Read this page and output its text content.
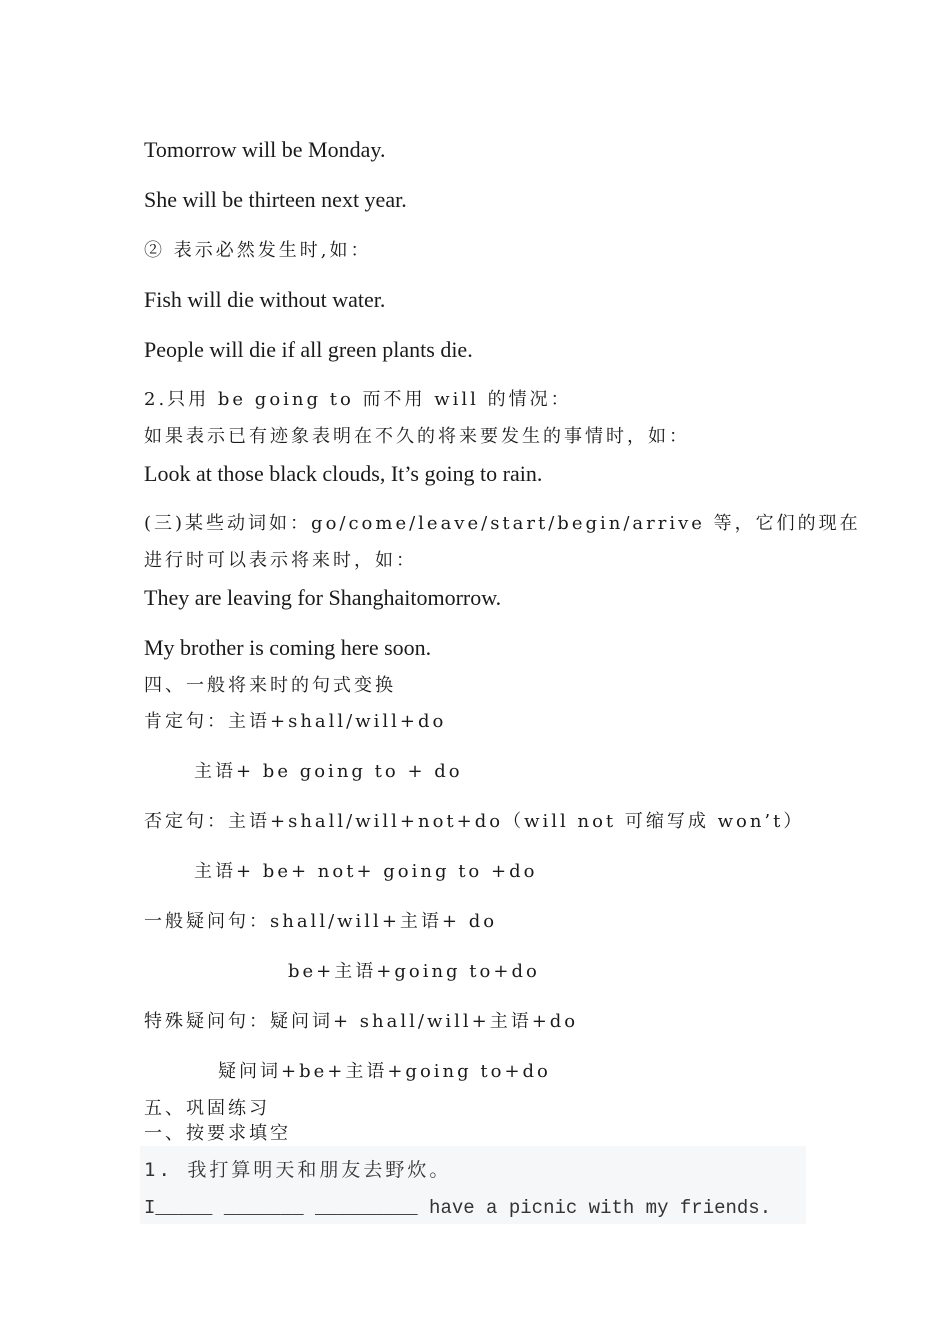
Tomorrow will be Monday.
She will be thirteen next year.
② 表示必然发生时,如：
Fish will die without water.
People will die if all green plants die.
2.只用 be going to 而不用 will 的情况：
如果表示已有迹象表明在不久的将来要发生的事情时，如：
Look at those black clouds, It’s going to rain.
(三)某些动词如：go/come/leave/start/begin/arrive 等，它们的现在
进行时可以表示将来时，如：
They are leaving for Shanghaitomorrow.
My brother is coming here soon.
四、一般将来时的句式变换
肯定句：主语+shall/will+do
主语+ be going to + do
否定句：主语+shall/will+not+do（will not 可缩写成 won’t）
主语+ be+ not+ going to +do
一般疑问句：shall/will+主语+ do
be+主语+going to+do
特殊疑问句：疑问词+ shall/will+主语+do
疑问词+be+主语+going to+do
五、巩固练习
一、按要求填空
1. 我打算明天和朋友去野炊。
I_____ _______ _________ have a picnic with my friends.
